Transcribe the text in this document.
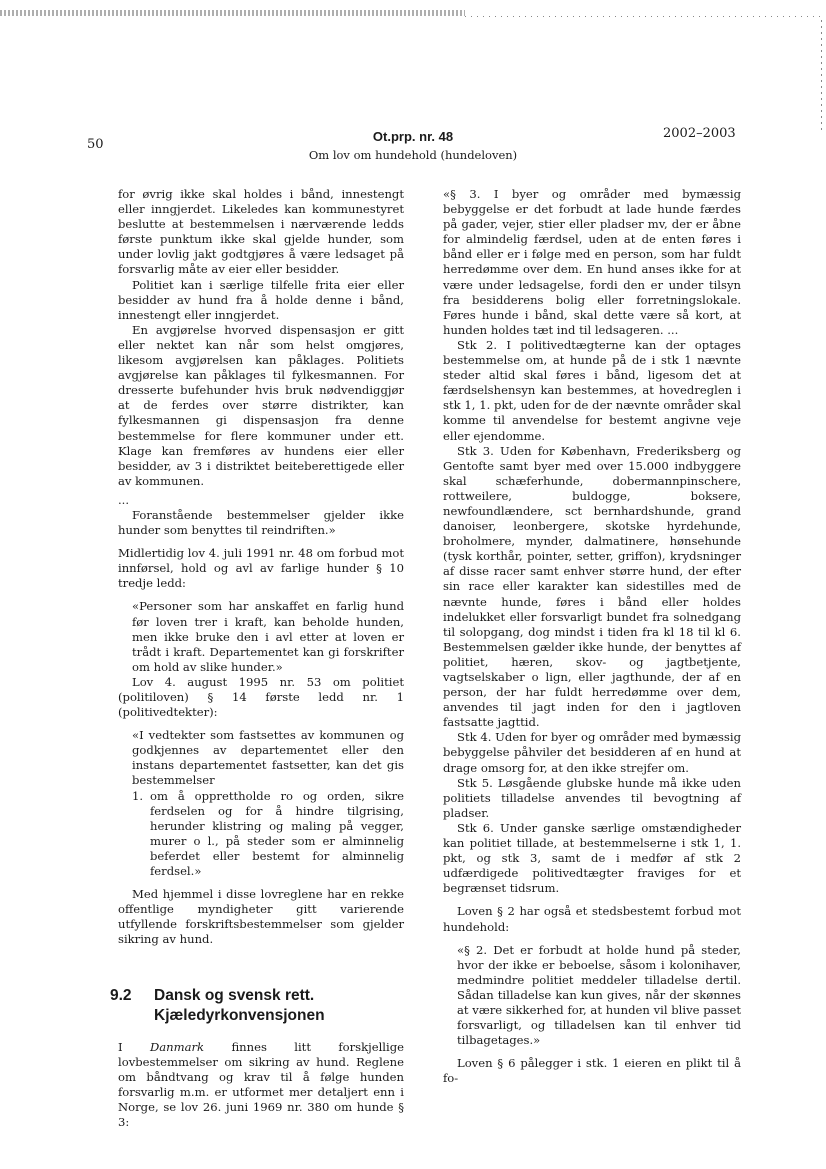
50
Ot.prp. nr. 48
Om lov om hundehold (hundeloven)
2002–2003

for øvrig ikke skal holdes i bånd, innestengt eller inngjerdet. Likeledes kan kommunestyret beslutte at bestemmelsen i nærværende ledds første punktum ikke skal gjelde hunder, som under lovlig jakt godtgjøres å være ledsaget på forsvarlig måte av eier eller besidder.

Politiet kan i særlige tilfelle frita eier eller besidder av hund fra å holde denne i bånd, innestengt eller inngjerdet.

En avgjørelse hvorved dispensasjon er gitt eller nektet kan når som helst omgjøres, likesom avgjørelsen kan påklages. Politiets avgjørelse kan påklages til fylkesmannen. For dresserte bufehunder hvis bruk nødvendiggjør at de ferdes over større distrikter, kan fylkesmannen gi dispensasjon fra denne bestemmelse for flere kommuner under ett. Klage kan fremføres av hundens eier eller besidder, av 3 i distriktet beiteberettigede eller av kommunen.

...

Foranstående bestemmelser gjelder ikke hunder som benyttes til reindriften.»

Midlertidig lov 4. juli 1991 nr. 48 om forbud mot innførsel, hold og avl av farlige hunder § 10 tredje ledd:

«Personer som har anskaffet en farlig hund før loven trer i kraft, kan beholde hunden, men ikke bruke den i avl etter at loven er trådt i kraft. Departementet kan gi forskrifter om hold av slike hunder.»

Lov 4. august 1995 nr. 53 om politiet (politiloven) § 14 første ledd nr. 1 (politivedtekter):

«I vedtekter som fastsettes av kommunen og godkjennes av departementet eller den instans departementet fastsetter, kan det gis bestemmelser

1. om å opprettholde ro og orden, sikre ferdselen og for å hindre tilgrising, herunder klistring og maling på vegger, murer o l., på steder som er alminnelig beferdet eller bestemt for alminnelig ferdsel.»

Med hjemmel i disse lovreglene har en rekke offentlige myndigheter gitt varierende utfyllende forskriftsbestemmelser som gjelder sikring av hund.

9.2	Dansk og svensk rett. Kjæledyrkonvensjonen

I Danmark finnes litt forskjellige lovbestemmelser om sikring av hund. Reglene om båndtvang og krav til å følge hunden forsvarlig m.m. er utformet mer detaljert enn i Norge, se lov 26. juni 1969 nr. 380 om hunde § 3:

«§ 3. I byer og områder med bymæssig bebyggelse er det forbudt at lade hunde færdes på gader, vejer, stier eller pladser mv, der er åbne for almindelig færdsel, uden at de enten føres i bånd eller er i følge med en person, som har fuldt herredømme over dem. En hund anses ikke for at være under ledsagelse, fordi den er under tilsyn fra besidderens bolig eller forretningslokale. Føres hunde i bånd, skal dette være så kort, at hunden holdes tæt ind til ledsageren. ...

Stk 2. I politivedtægterne kan der optages bestemmelse om, at hunde på de i stk 1 nævnte steder altid skal føres i bånd, ligesom det at færdselshensyn kan bestemmes, at hovedreglen i stk 1, 1. pkt, uden for de der nævnte områder skal komme til anvendelse for bestemt angivne veje eller ejendomme.

Stk 3. Uden for København, Frederiksberg og Gentofte samt byer med over 15.000 indbyggere skal schæferhunde, dobermannpinschere, rottweilere, buldogge, boksere, newfoundlændere, sct bernhardshunde, grand danoiser, leonbergere, skotske hyrdehunde, broholmere, mynder, dalmatinere, hønsehunde (tysk korthår, pointer, setter, griffon), krydsninger af disse racer samt enhver større hund, der efter sin race eller karakter kan sidestilles med de nævnte hunde, føres i bånd eller holdes indelukket eller forsvarligt bundet fra solnedgang til solopgang, dog mindst i tiden fra kl 18 til kl 6. Bestemmelsen gælder ikke hunde, der benyttes af politiet, hæren, skov- og jagtbetjente, vagtselskaber o lign, eller jagthunde, der af en person, der har fuldt herredømme over dem, anvendes til jagt inden for den i jagtloven fastsatte jagttid.

Stk 4. Uden for byer og områder med bymæssig bebyggelse påhviler det besidderen af en hund at drage omsorg for, at den ikke strejfer om.

Stk 5. Løsgående glubske hunde må ikke uden politiets tilladelse anvendes til bevogtning af pladser.

Stk 6. Under ganske særlige omstændigheder kan politiet tillade, at bestemmelserne i stk 1, 1. pkt, og stk 3, samt de i medfør af stk 2 udfærdigede politivedtægter fraviges for et begrænset tidsrum.

Loven § 2 har også et stedsbestemt forbud mot hundehold:

«§ 2. Det er forbudt at holde hund på steder, hvor der ikke er beboelse, såsom i kolonihaver, medmindre politiet meddeler tilladelse dertil. Sådan tilladelse kan kun gives, når der skønnes at være sikkerhed for, at hunden vil blive passet forsvarligt, og tilladelsen kan til enhver tid tilbagetages.»

Loven § 6 pålegger i stk. 1 eieren en plikt til å fo-
